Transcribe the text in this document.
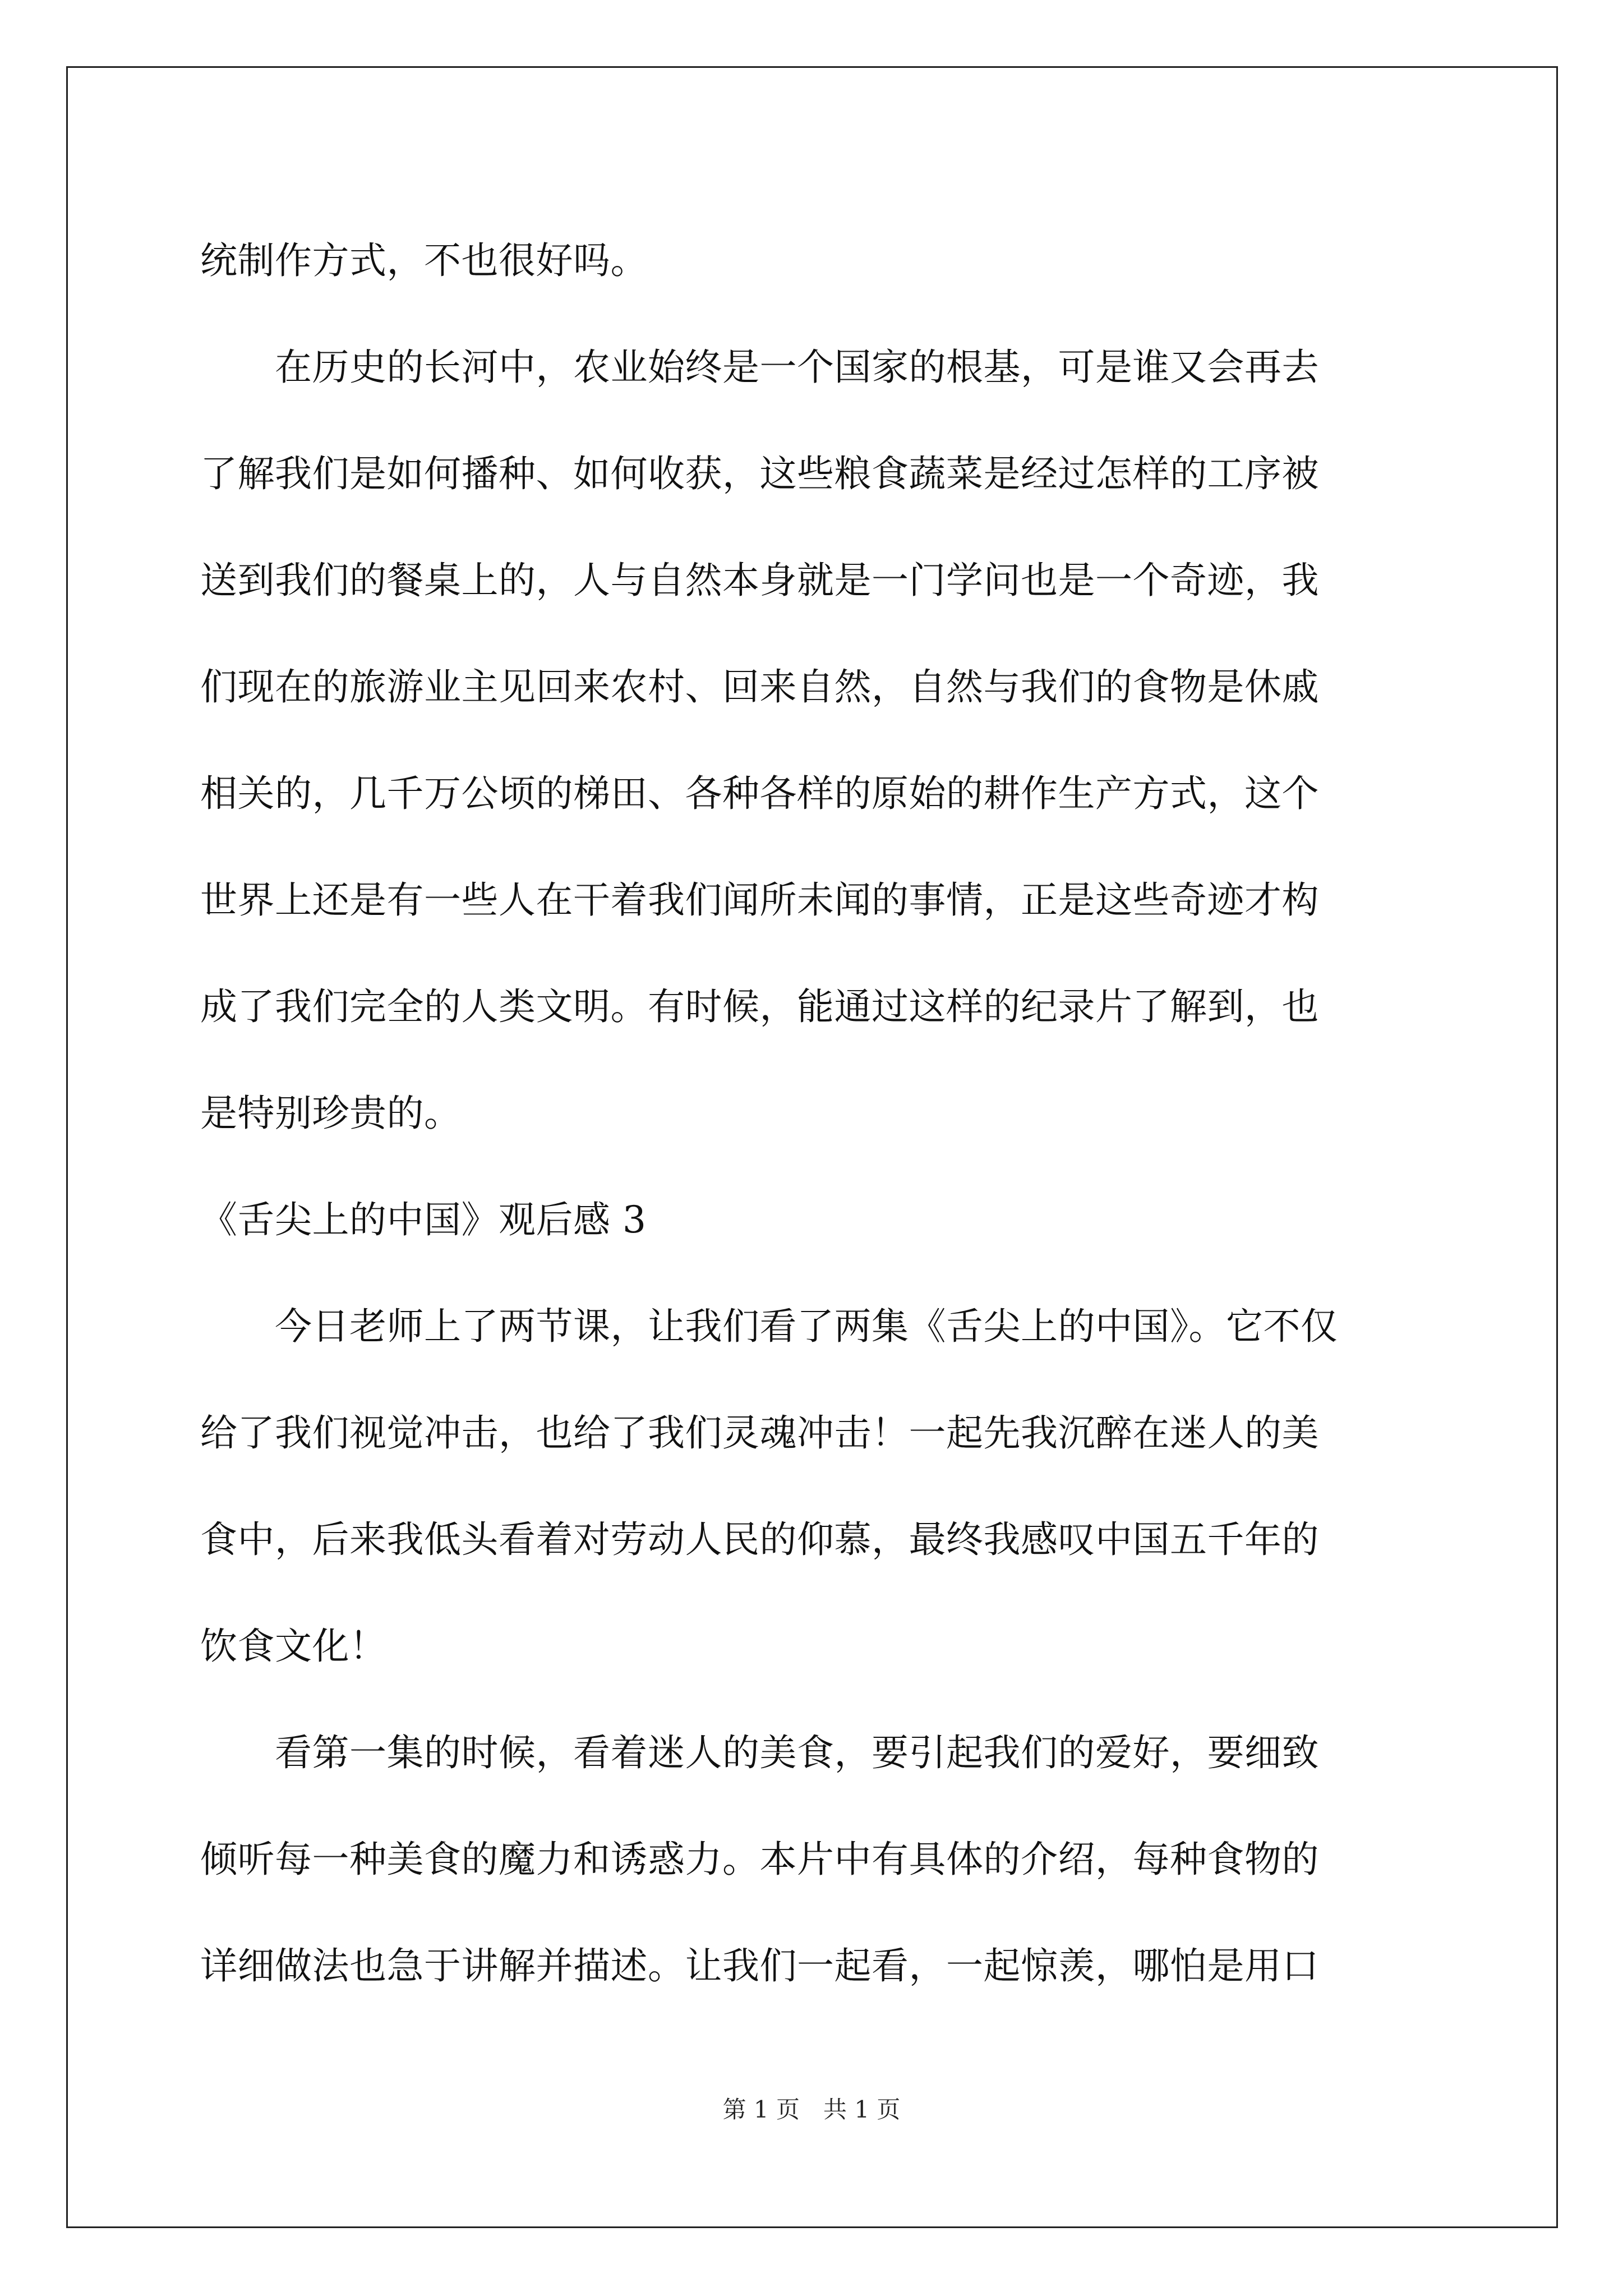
统制作方式，不也很好吗。
　　在历史的长河中，农业始终是一个国家的根基，可是谁又会再去
了解我们是如何播种、如何收获，这些粮食蔬菜是经过怎样的工序被
送到我们的餐桌上的，人与自然本身就是一门学问也是一个奇迹，我
们现在的旅游业主见回来农村、回来自然，自然与我们的食物是休戚
相关的，几千万公顷的梯田、各种各样的原始的耕作生产方式，这个
世界上还是有一些人在干着我们闻所未闻的事情，正是这些奇迹才构
成了我们完全的人类文明。有时候，能通过这样的纪录片了解到，也
是特别珍贵的。
《舌尖上的中国》观后感 3
　　今日老师上了两节课，让我们看了两集《舌尖上的中国》。它不仅
给了我们视觉冲击，也给了我们灵魂冲击！一起先我沉醉在迷人的美
食中，后来我低头看着对劳动人民的仰慕，最终我感叹中国五千年的
饮食文化！
　　看第一集的时候，看着迷人的美食，要引起我们的爱好，要细致
倾听每一种美食的魔力和诱惑力。本片中有具体的介绍，每种食物的
详细做法也急于讲解并描述。让我们一起看，一起惊羡，哪怕是用口
第 1 页　共 1 页
